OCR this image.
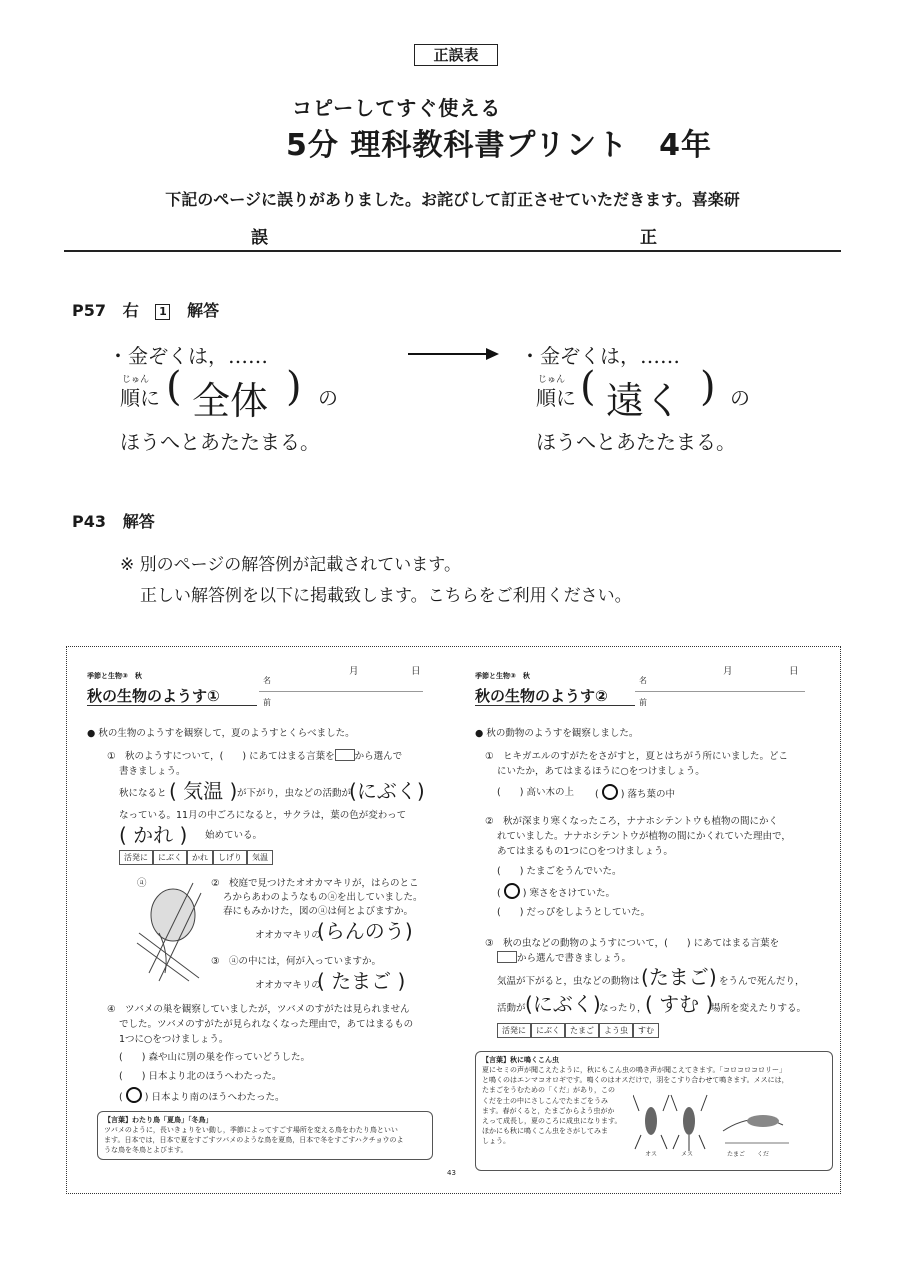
正誤表
コピーしてすぐ使える
5分 理科教科書プリント　4年
下記のページに誤りがありました。お詫びして訂正させていただきます。喜楽研
誤	正
P57 右 1 解答
・金ぞくは，……
じゅん
順に ( 全体 ) の
ほうへとあたたまる。
・金ぞくは，……
じゅん
順に ( 遠く ) の
ほうへとあたたまる。
P43 解答
※ 別のページの解答例が記載されています。
正しい解答例を以下に掲載致します。こちらをご利用ください。
季節と生物③　秋	月	日
名
前
秋の生物のようす①
● 秋の生物のようすを観察して，夏のようすとくらべました。
①　秋のようすについて，(　　) にあてはまる言葉を から選んで
書きましょう。
秋になると ( 気温 ) が下がり，虫などの活動が
(にぶく)
なっている。11月の中ごろになると，サクラは，葉の色が変わって
( かれ ) 始めている。
活発に	にぶく	かれ	しげり	気温
ⓐ	②　校庭で見つけたオオカマキリが，はらのとこ
ろからあわのようなものⓐを出していました。
春にもみかけた，図のⓐは何とよびますか。
オオカマキリの
(らんのう)
③　ⓐの中には，何が入っていますか。
オオカマキリの
( たまご )
④　ツバメの巣を観察していましたが，ツバメのすがたは見られません
でした。ツバメのすがたが見られなくなった理由で，あてはまるもの
1つに○をつけましょう。
(　　) 森や山に別の巣を作っていどうした。
(　　) 日本より北のほうへわたった。
( ○ ) 日本より南のほうへわたった。
【言葉】わたり鳥「夏鳥」「冬鳥」
ツバメのように，長いきょりをい動し，季節によってすごす場所を変える鳥をわたり鳥といい
ます。日本では，日本で夏をすごすツバメのような鳥を夏鳥，日本で冬をすごすハクチョウのよ
うな鳥を冬鳥とよびます。
季節と生物③　秋	月	日
名
前
秋の生物のようす②
● 秋の動物のようすを観察しました。
①　ヒキガエルのすがたをさがすと，夏とはちがう所にいました。どこ
にいたか，あてはまるほうに○をつけましょう。
(　　) 高い木の上 ( ○ ) 落ち葉の中
②　秋が深まり寒くなったころ，ナナホシテントウも植物の間にかく
れていました。ナナホシテントウが植物の間にかくれていた理由で，
あてはまるもの1つに○をつけましょう。
(　　) たまごをうんでいた。
( ○ ) 寒さをさけていた。
(　　) だっぴをしようとしていた。
③　秋の虫などの動物のようすについて，(　　) にあてはまる言葉を
から選んで書きましょう。
気温が下がると，虫などの動物は (たまご) をうんで死んだり，
活動が (にぶく)
なったり，
( すむ )
場所を変えたりする。
活発に	にぶく	たまご	よう虫	すむ
【言葉】秋に鳴くこん虫
夏にセミの声が聞こえたように，秋にもこん虫の鳴き声が聞こえてきます。「コロコロコロリー」
と鳴くのはエンマコオロギです。鳴くのはオスだけで，羽をこすり合わせて鳴きます。メスには，
たまごをうむための「くだ」があり，この
くだを土の中にさしこんでたまごをうみ
ます。春がくると，たまごからよう虫がか
えって成長し，夏のころに成虫になります。
ほかにも秋に鳴くこん虫をさがしてみま
しょう。
オス	メス	たまご くだ
43
